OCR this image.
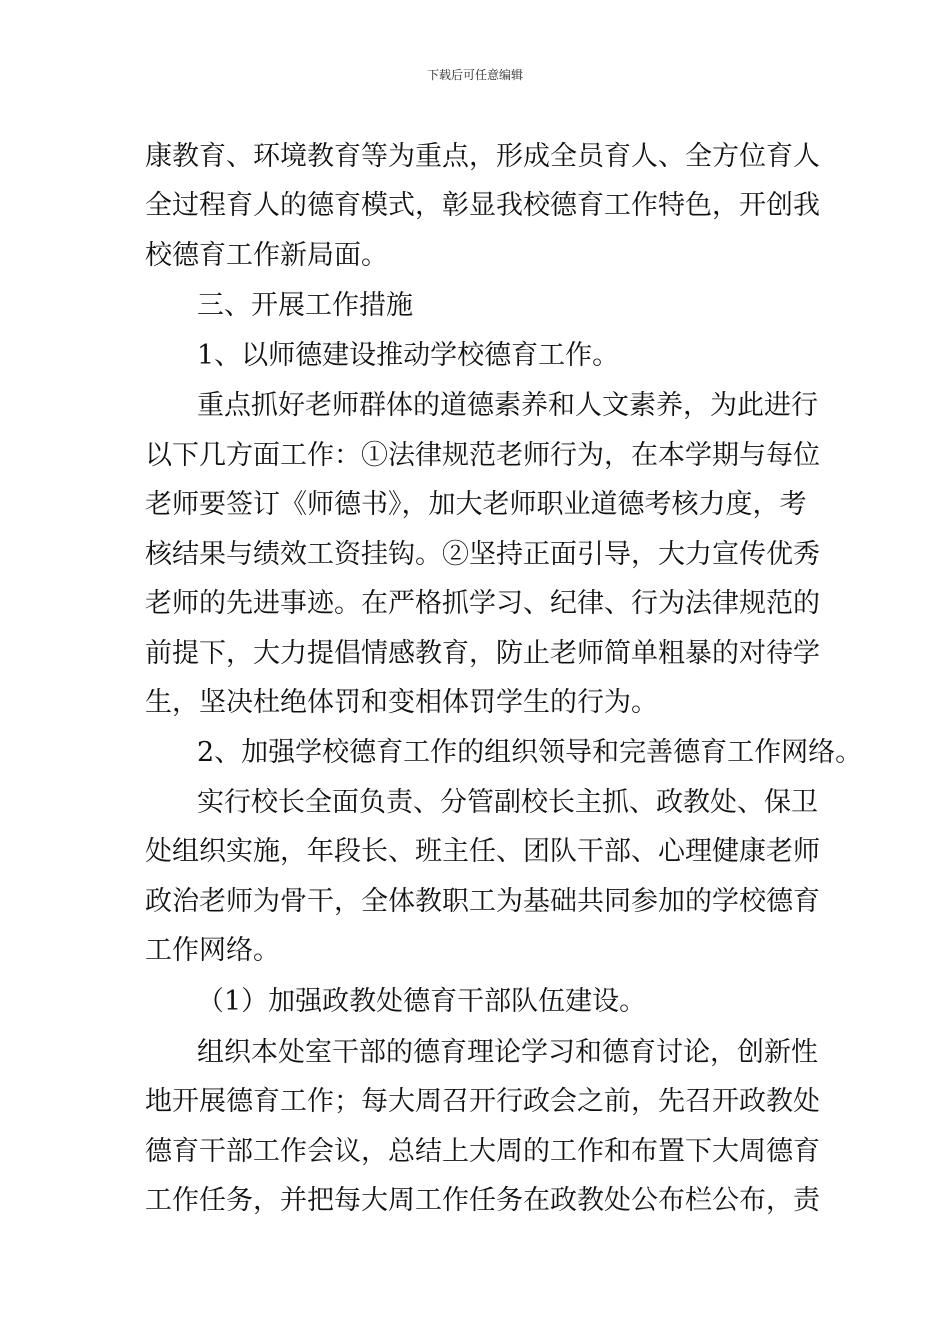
下载后可任意编辑
康教育、环境教育等为重点，形成全员育人、全方位育人
全过程育人的德育模式，彰显我校德育工作特色，开创我
校德育工作新局面。
三、开展工作措施
1、以师德建设推动学校德育工作。
重点抓好老师群体的道德素养和人文素养，为此进行
以下几方面工作：①法律规范老师行为，在本学期与每位
老师要签订《师德书》，加大老师职业道德考核力度，考
核结果与绩效工资挂钩。②坚持正面引导，大力宣传优秀
老师的先进事迹。在严格抓学习、纪律、行为法律规范的
前提下，大力提倡情感教育，防止老师简单粗暴的对待学
生，坚决杜绝体罚和变相体罚学生的行为。
2、加强学校德育工作的组织领导和完善德育工作网络。
实行校长全面负责、分管副校长主抓、政教处、保卫
处组织实施，年段长、班主任、团队干部、心理健康老师
政治老师为骨干，全体教职工为基础共同参加的学校德育
工作网络。
（1）加强政教处德育干部队伍建设。
组织本处室干部的德育理论学习和德育讨论，创新性
地开展德育工作；每大周召开行政会之前，先召开政教处
德育干部工作会议，总结上大周的工作和布置下大周德育
工作任务，并把每大周工作任务在政教处公布栏公布，责
